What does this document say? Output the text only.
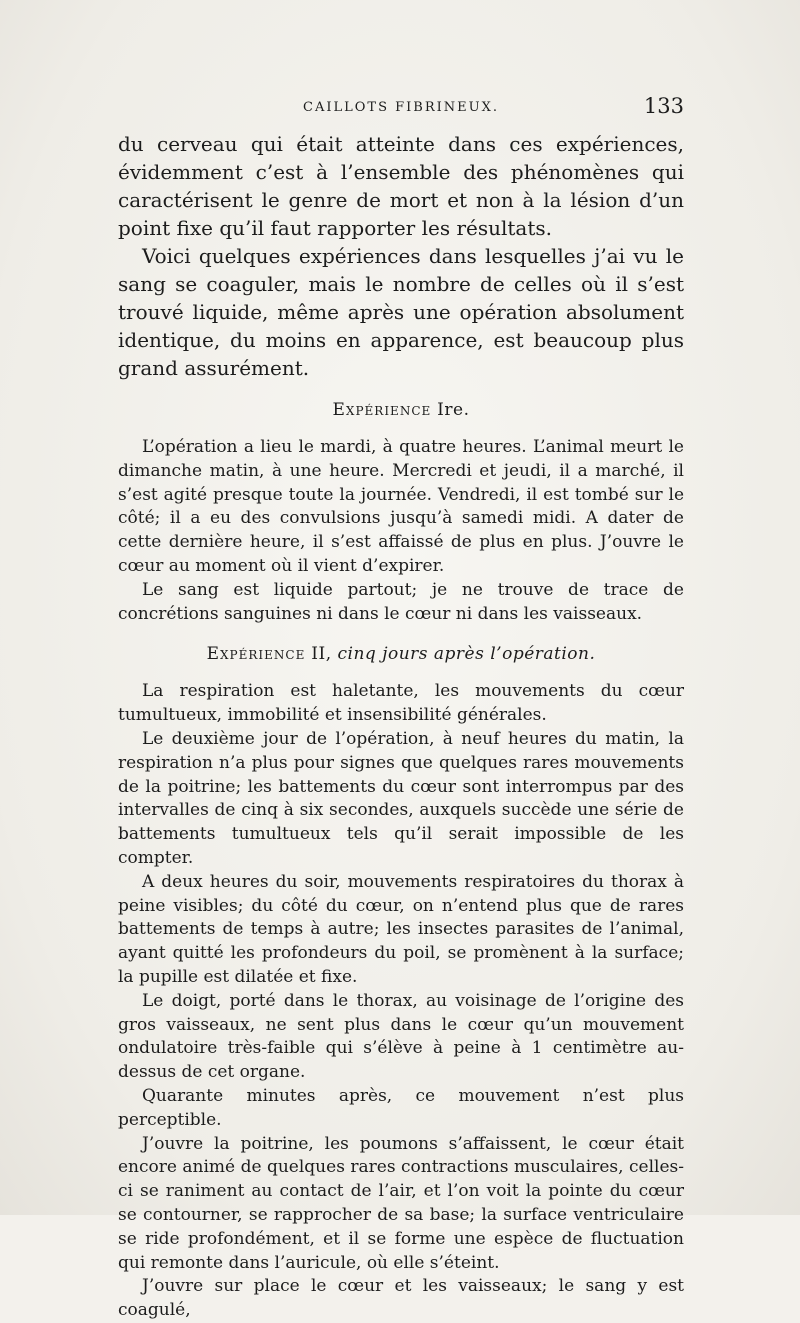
CAILLOTS FIBRINEUX.	133

du cerveau qui était atteinte dans ces expériences, évidemment c’est à l’ensemble des phénomènes qui caractérisent le genre de mort et non à la lésion d’un point fixe qu’il faut rapporter les résultats.

Voici quelques expériences dans lesquelles j’ai vu le sang se coaguler, mais le nombre de celles où il s’est trouvé liquide, même après une opération absolument identique, du moins en apparence, est beaucoup plus grand assurément.

Expérience Ire.

L’opération a lieu le mardi, à quatre heures. L’animal meurt le dimanche matin, à une heure. Mercredi et jeudi, il a marché, il s’est agité presque toute la journée. Vendredi, il est tombé sur le côté; il a eu des convulsions jusqu’à samedi midi. A dater de cette dernière heure, il s’est affaissé de plus en plus. J’ouvre le cœur au moment où il vient d’expirer.

Le sang est liquide partout; je ne trouve de trace de concrétions sanguines ni dans le cœur ni dans les vaisseaux.

Expérience II, cinq jours après l’opération.

La respiration est haletante, les mouvements du cœur tumultueux, immobilité et insensibilité générales.

Le deuxième jour de l’opération, à neuf heures du matin, la respiration n’a plus pour signes que quelques rares mouvements de la poitrine; les battements du cœur sont interrompus par des intervalles de cinq à six secondes, auxquels succède une série de battements tumultueux tels qu’il serait impossible de les compter.

A deux heures du soir, mouvements respiratoires du thorax à peine visibles; du côté du cœur, on n’entend plus que de rares battements de temps à autre; les insectes parasites de l’animal, ayant quitté les profondeurs du poil, se promènent à la surface; la pupille est dilatée et fixe.

Le doigt, porté dans le thorax, au voisinage de l’origine des gros vaisseaux, ne sent plus dans le cœur qu’un mouvement ondulatoire très-faible qui s’élève à peine à 1 centimètre au-dessus de cet organe.

Quarante minutes après, ce mouvement n’est plus perceptible.

J’ouvre la poitrine, les poumons s’affaissent, le cœur était encore animé de quelques rares contractions musculaires, celles-ci se raniment au contact de l’air, et l’on voit la pointe du cœur se contourner, se rapprocher de sa base; la surface ventriculaire se ride profondément, et il se forme une espèce de fluctuation qui remonte dans l’auricule, où elle s’éteint.

J’ouvre sur place le cœur et les vaisseaux; le sang y est coagulé,
